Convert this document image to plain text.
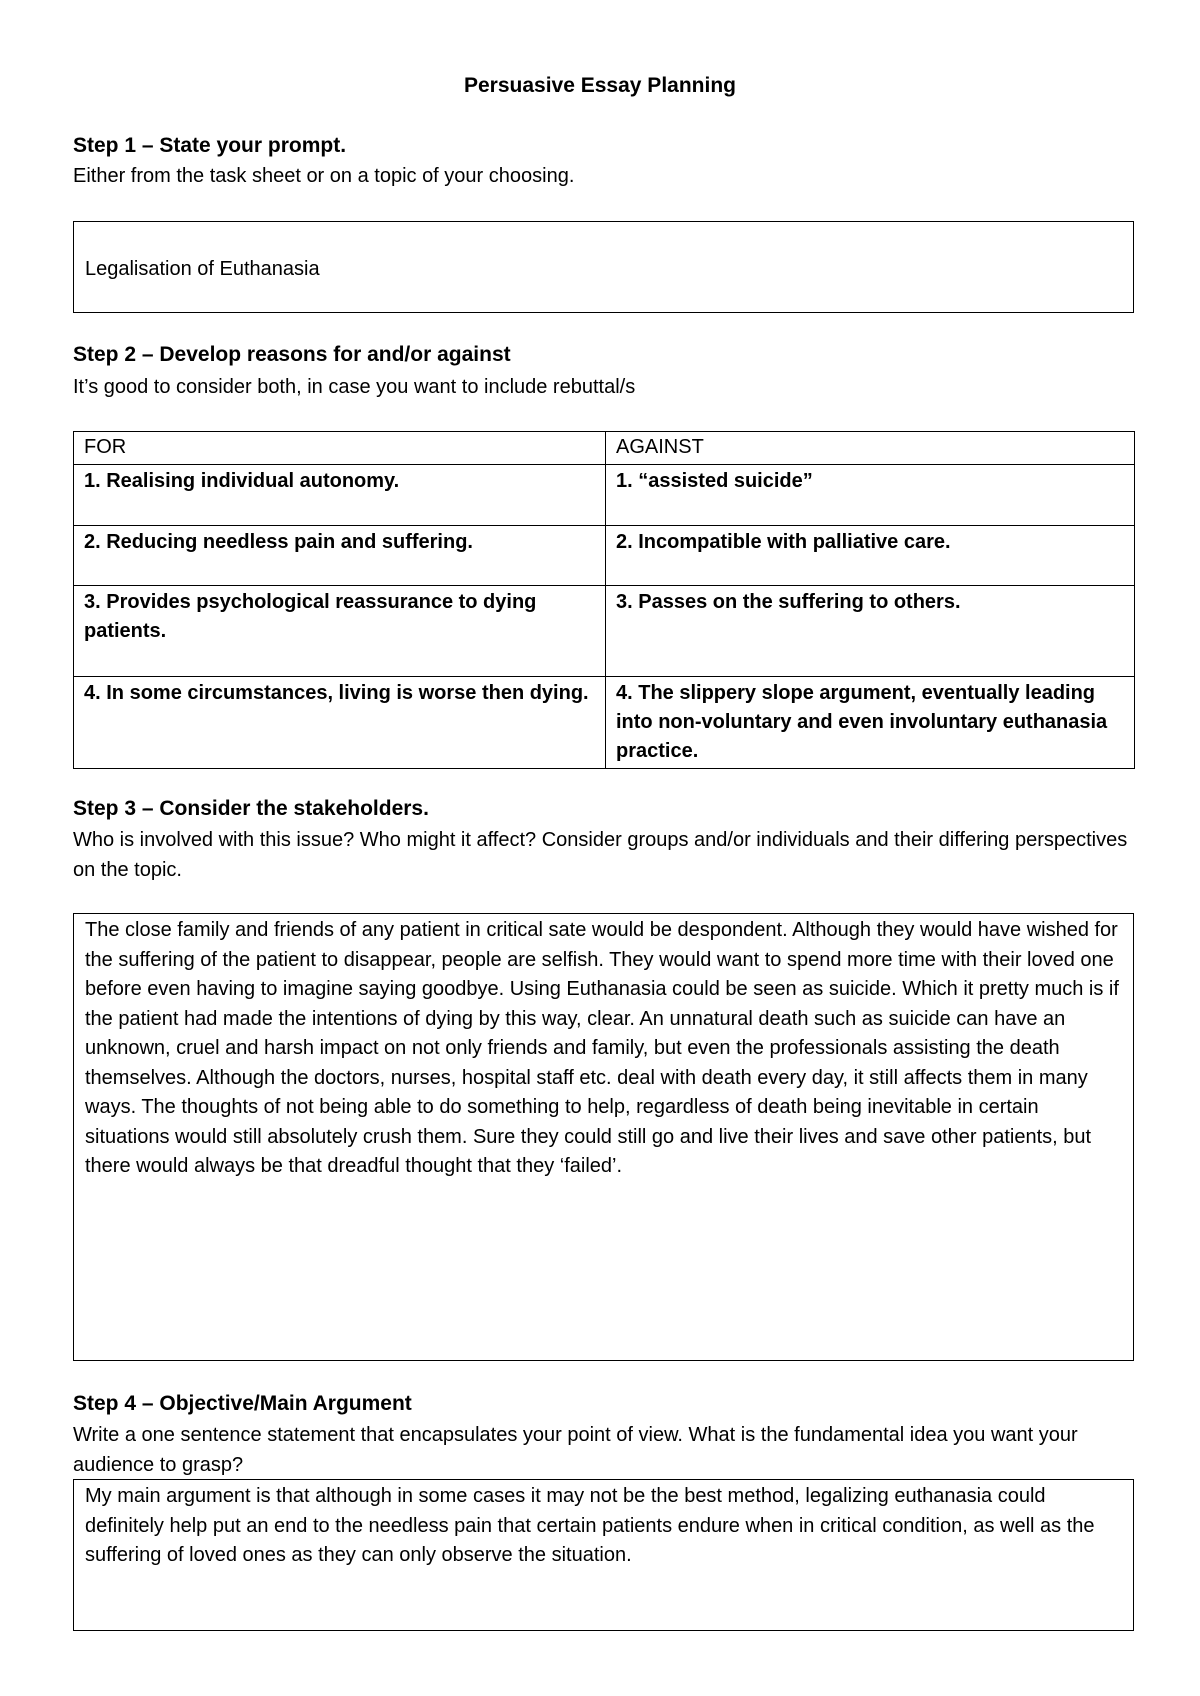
Persuasive Essay Planning
Step 1 – State your prompt.
Either from the task sheet or on a topic of your choosing.
Legalisation of Euthanasia
Step 2 – Develop reasons for and/or against
It’s good to consider both, in case you want to include rebuttal/s
FOR	AGAINST
1. Realising individual autonomy.	1. “assisted suicide”
2. Reducing needless pain and suffering.	2. Incompatible with palliative care.
3. Provides psychological reassurance to dying patients.	3. Passes on the suffering to others.
4. In some circumstances, living is worse then dying.	4. The slippery slope argument, eventually leading into non-voluntary and even involuntary euthanasia practice.
Step 3 – Consider the stakeholders.
Who is involved with this issue? Who might it affect? Consider groups and/or individuals and their differing perspectives on the topic.
The close family and friends of any patient in critical sate would be despondent. Although they would have wished for the suffering of the patient to disappear, people are selfish. They would want to spend more time with their loved one before even having to imagine saying goodbye. Using Euthanasia could be seen as suicide. Which it pretty much is if the patient had made the intentions of dying by this way, clear. An unnatural death such as suicide can have an unknown, cruel and harsh impact on not only friends and family, but even the professionals assisting the death themselves. Although the doctors, nurses, hospital staff etc. deal with death every day, it still affects them in many ways. The thoughts of not being able to do something to help, regardless of death being inevitable in certain situations would still absolutely crush them. Sure they could still go and live their lives and save other patients, but there would always be that dreadful thought that they ‘failed’.
Step 4 – Objective/Main Argument
Write a one sentence statement that encapsulates your point of view. What is the fundamental idea you want your audience to grasp?
My main argument is that although in some cases it may not be the best method, legalizing euthanasia could definitely help put an end to the needless pain that certain patients endure when in critical condition, as well as the suffering of loved ones as they can only observe the situation.
